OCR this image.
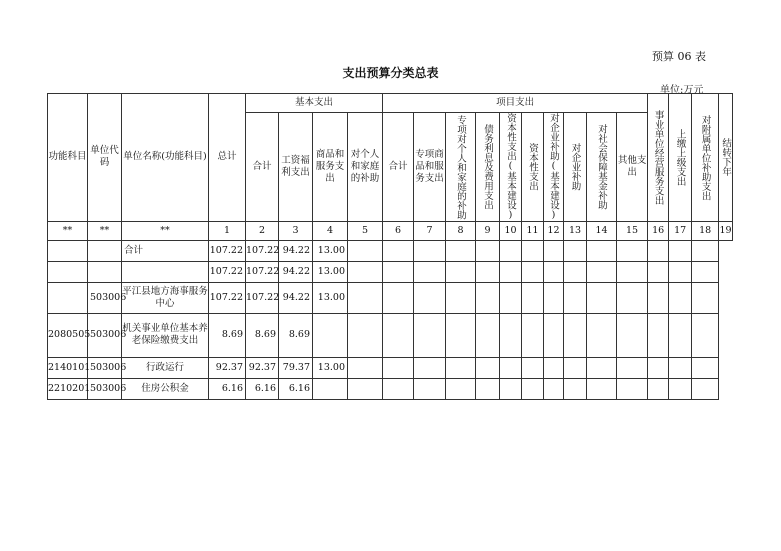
预算 06 表
支出预算分类总表
单位:万元
功能科目	单位代码	单位名称(功能科目)	总计	基本支出				项目支出										事业单位经营服务支出	上缴上级支出	对附属单位补助支出	结转下年

				合计	工资福利支出	商品和服务支出	对个人和家庭的补助	合计	专项商品和服务支出	专项对个人和家庭的补助	债务利息及费用支出	资本性支出(基本建设)	资本性支出	对企业补助(基本建设)	对企业补助	对社会保障基金补助	其他支出				
**	**	**	1	2	3	4	5	6	7	8	9	10	11	12	13	14	15	16	17	18	19
		合计	107.22	107.22	94.22	13.00															
			107.22	107.22	94.22	13.00															
	503006	平江县地方海事服务中心	107.22	107.22	94.22	13.00															
2080505	503006	机关事业单位基本养老保险缴费支出	8.69	8.69	8.69																
2140101	503006	行政运行	92.37	92.37	79.37	13.00															
2210201	503006	住房公积金	6.16	6.16	6.16																
